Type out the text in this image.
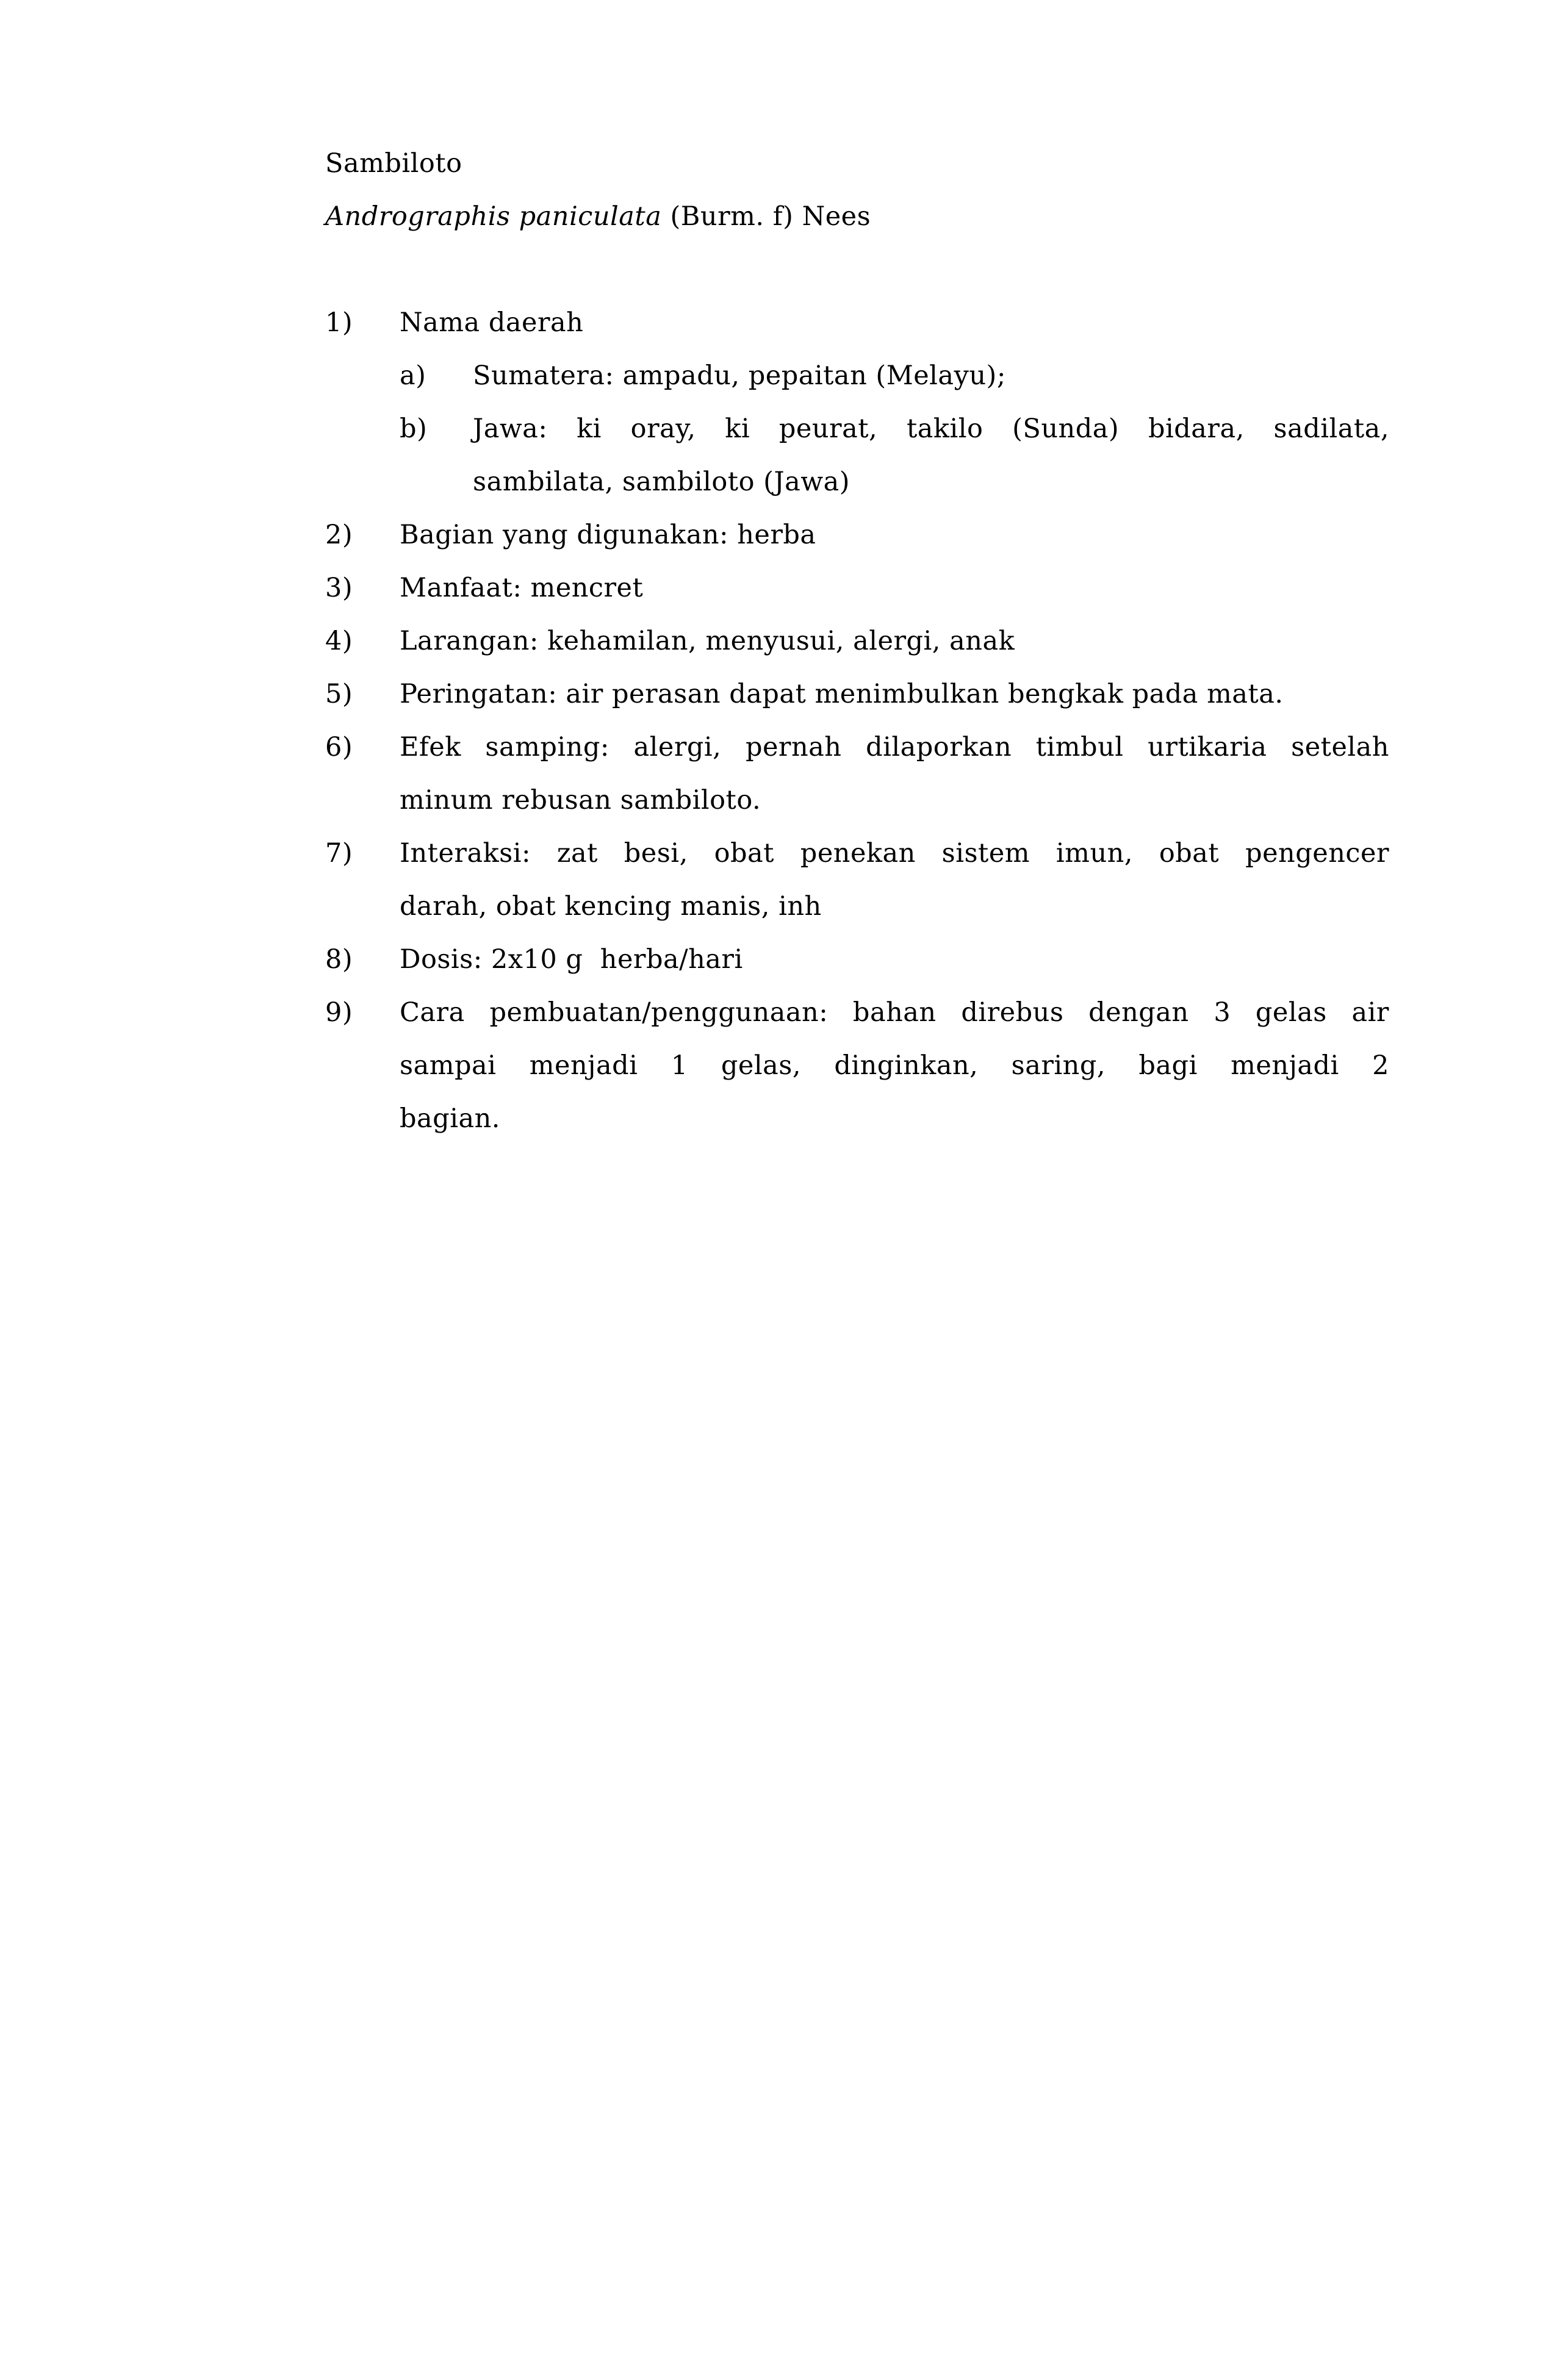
Sambiloto
Andrographis paniculata (Burm. f) Nees
1)	Nama daerah
a)	Sumatera: ampadu, pepaitan (Melayu);
b)	Jawa: ki oray, ki peurat, takilo (Sunda) bidara, sadilata,
sambilata, sambiloto (Jawa)
2)	Bagian yang digunakan: herba
3)	Manfaat: mencret
4)	Larangan: kehamilan, menyusui, alergi, anak
5)	Peringatan: air perasan dapat menimbulkan bengkak pada mata.
6)	Efek samping: alergi, pernah dilaporkan timbul urtikaria setelah
minum rebusan sambiloto.
7)	Interaksi: zat besi, obat penekan sistem imun, obat pengencer
darah, obat kencing manis, inh
8)	Dosis: 2x10 g  herba/hari
9)	Cara pembuatan/penggunaan: bahan direbus dengan 3 gelas air
sampai menjadi 1 gelas, dinginkan, saring, bagi menjadi 2
bagian.
